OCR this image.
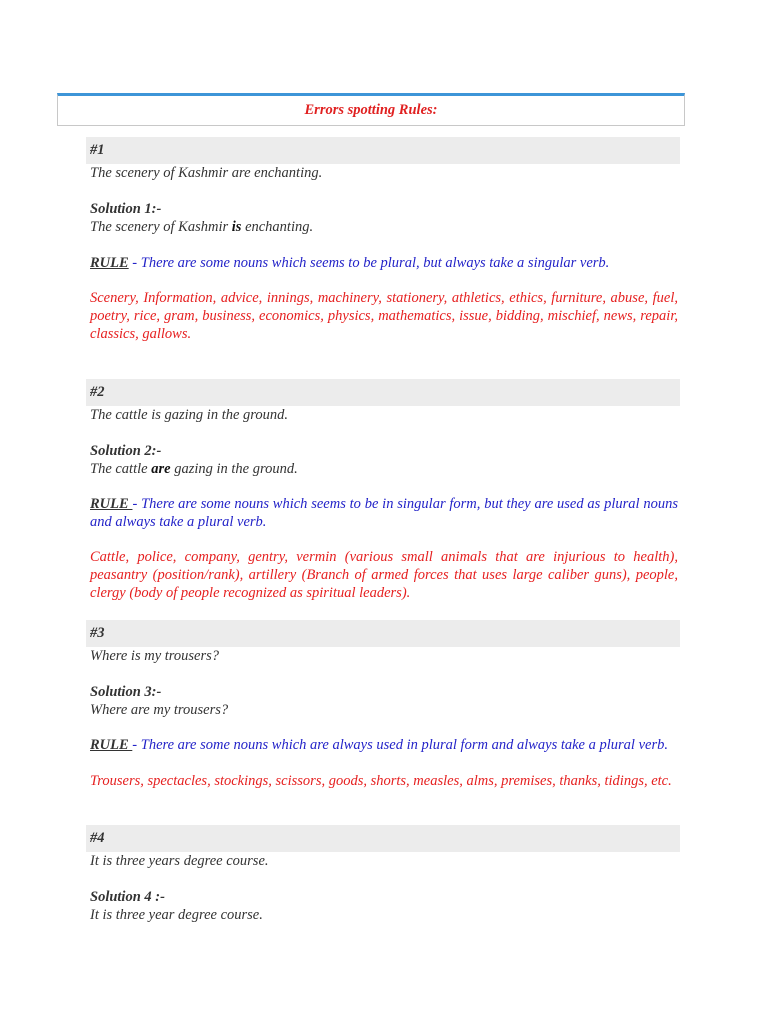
Errors spotting Rules:
#1
The scenery of Kashmir are enchanting.
Solution 1:-
The scenery of Kashmir is enchanting.
RULE - There are some nouns which seems to be plural, but always take a singular verb.
Scenery, Information, advice, innings, machinery, stationery, athletics, ethics, furniture, abuse, fuel, poetry, rice, gram, business, economics, physics, mathematics, issue, bidding, mischief, news, repair, classics, gallows.
#2
The cattle is gazing in the ground.
Solution 2:-
The cattle are gazing in the ground.
RULE - There are some nouns which seems to be in singular form, but they are used as plural nouns and always take a plural verb.
Cattle, police, company, gentry, vermin (various small animals that are injurious to health), peasantry (position/rank), artillery (Branch of armed forces that uses large caliber guns), people, clergy (body of people recognized as spiritual leaders).
#3
Where is my trousers?
Solution 3:-
Where are my trousers?
RULE - There are some nouns which are always used in plural form and always take a plural verb.
Trousers, spectacles, stockings, scissors, goods, shorts, measles, alms, premises, thanks, tidings, etc.
#4
It is three years degree course.
Solution 4 :-
It is three year degree course.
